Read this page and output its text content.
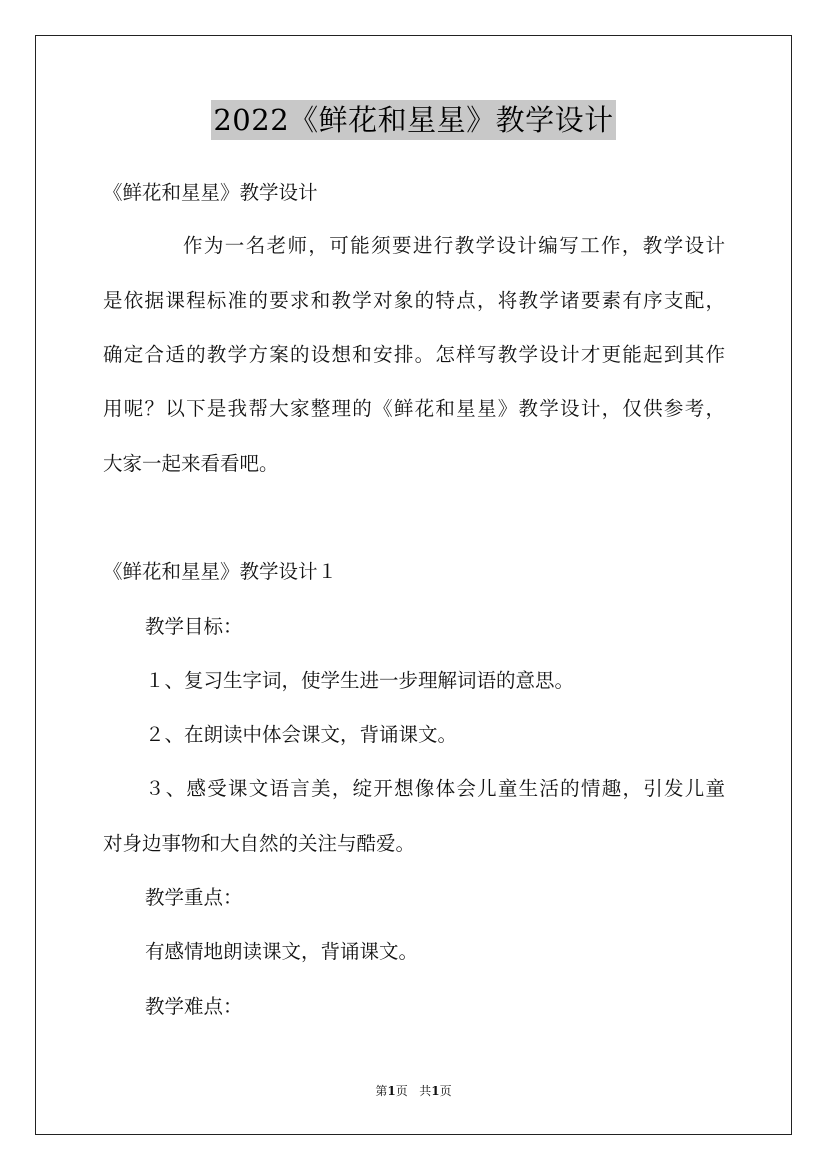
2022《鲜花和星星》教学设计
《鲜花和星星》教学设计
作为一名老师，可能须要进行教学设计编写工作，教学设计
是依据课程标准的要求和教学对象的特点，将教学诸要素有序支配，
确定合适的教学方案的设想和安排。怎样写教学设计才更能起到其作
用呢？以下是我帮大家整理的《鲜花和星星》教学设计，仅供参考，
大家一起来看看吧。
《鲜花和星星》教学设计１
教学目标：
１、复习生字词，使学生进一步理解词语的意思。
２、在朗读中体会课文，背诵课文。
３、感受课文语言美，绽开想像体会儿童生活的情趣，引发儿童
对身边事物和大自然的关注与酷爱。
教学重点：
有感情地朗读课文，背诵课文。
教学难点：
第1页 共1页
